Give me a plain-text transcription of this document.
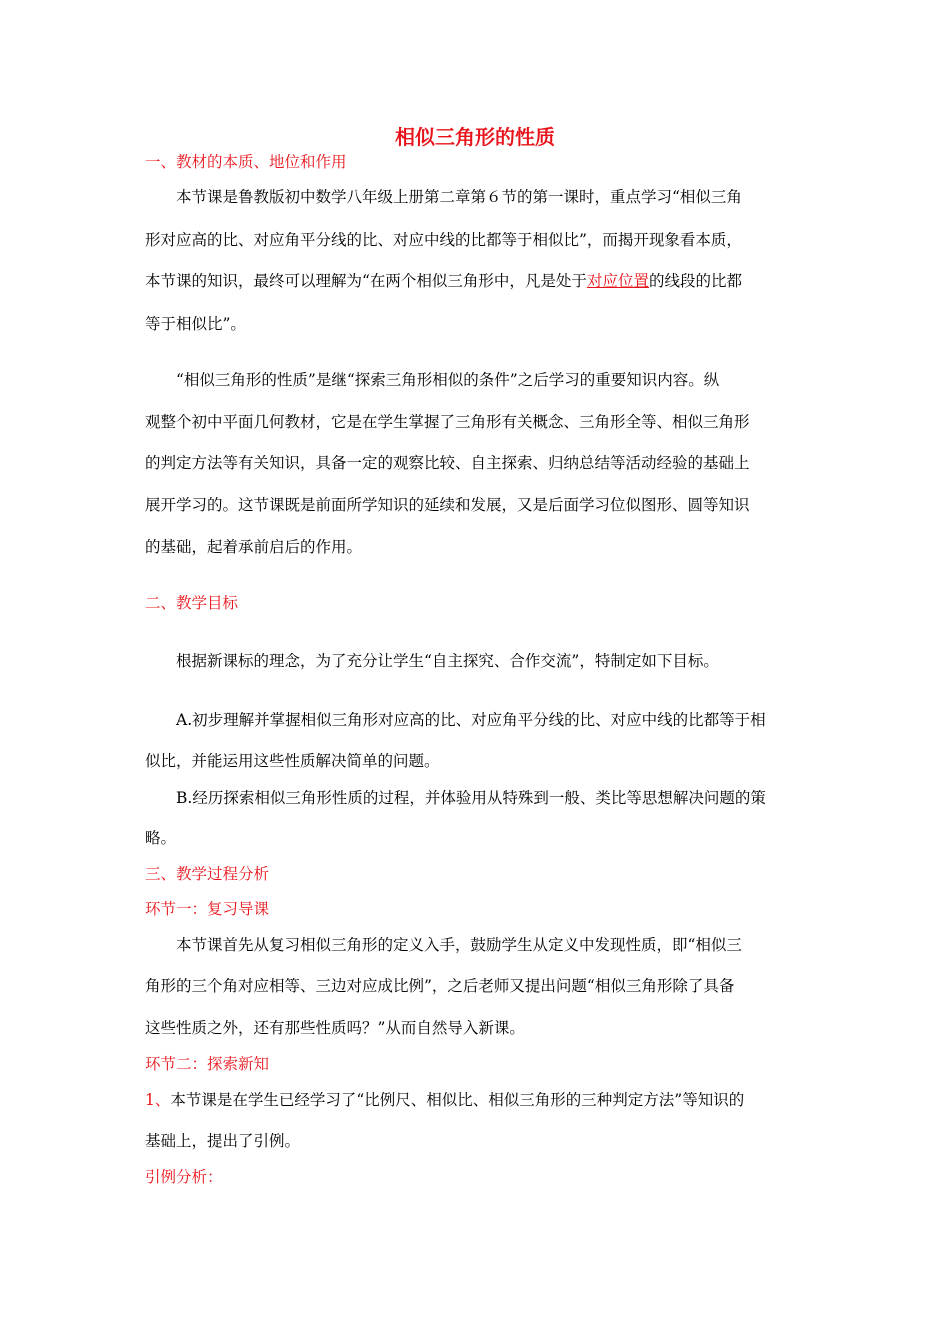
相似三角形的性质
一、教材的本质、地位和作用
　　本节课是鲁教版初中数学八年级上册第二章第６节的第一课时，重点学习“相似三角
形对应高的比、对应角平分线的比、对应中线的比都等于相似比”，而揭开现象看本质，
本节课的知识，最终可以理解为“在两个相似三角形中，凡是处于对应位置的线段的比都
等于相似比”。
　　“相似三角形的性质”是继“探索三角形相似的条件”之后学习的重要知识内容。纵
观整个初中平面几何教材，它是在学生掌握了三角形有关概念、三角形全等、相似三角形
的判定方法等有关知识，具备一定的观察比较、自主探索、归纳总结等活动经验的基础上
展开学习的。这节课既是前面所学知识的延续和发展，又是后面学习位似图形、圆等知识
的基础，起着承前启后的作用。
二、教学目标
　　根据新课标的理念，为了充分让学生“自主探究、合作交流”，特制定如下目标。
　　A.初步理解并掌握相似三角形对应高的比、对应角平分线的比、对应中线的比都等于相
似比，并能运用这些性质解决简单的问题。
　　B.经历探索相似三角形性质的过程，并体验用从特殊到一般、类比等思想解决问题的策
略。
三、教学过程分析
环节一：复习导课
　　本节课首先从复习相似三角形的定义入手，鼓励学生从定义中发现性质，即“相似三
角形的三个角对应相等、三边对应成比例”，之后老师又提出问题“相似三角形除了具备
这些性质之外，还有那些性质吗？”从而自然导入新课。
环节二：探索新知
1、本节课是在学生已经学习了“比例尺、相似比、相似三角形的三种判定方法”等知识的
基础上，提出了引例。
引例分析：
